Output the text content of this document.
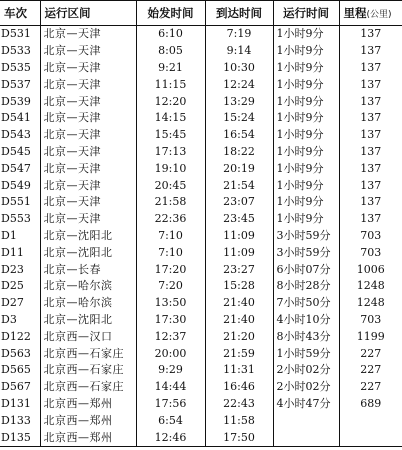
车次	运行区间	始发时间	到达时间	运行时间	里程(公里)
D531	北京—天津	6:10	7:19	1小时9分	137
D533	北京—天津	8:05	9:14	1小时9分	137
D535	北京—天津	9:21	10:30	1小时9分	137
D537	北京—天津	11:15	12:24	1小时9分	137
D539	北京—天津	12:20	13:29	1小时9分	137
D541	北京—天津	14:15	15:24	1小时9分	137
D543	北京—天津	15:45	16:54	1小时9分	137
D545	北京—天津	17:13	18:22	1小时9分	137
D547	北京—天津	19:10	20:19	1小时9分	137
D549	北京—天津	20:45	21:54	1小时9分	137
D551	北京—天津	21:58	23:07	1小时9分	137
D553	北京—天津	22:36	23:45	1小时9分	137
D1	北京—沈阳北	7:10	11:09	3小时59分	703
D11	北京—沈阳北	7:10	11:09	3小时59分	703
D23	北京—长春	17:20	23:27	6小时07分	1006
D25	北京—哈尔滨	7:20	15:28	8小时28分	1248
D27	北京—哈尔滨	13:50	21:40	7小时50分	1248
D3	北京—沈阳北	17:30	21:40	4小时10分	703
D122	北京西—汉口	12:37	21:20	8小时43分	1199
D563	北京西—石家庄	20:00	21:59	1小时59分	227
D565	北京西—石家庄	9:29	11:31	2小时02分	227
D567	北京西—石家庄	14:44	16:46	2小时02分	227
D131	北京西—郑州	17:56	22:43	4小时47分	689
D133	北京西—郑州	6:54	11:58		
D135	北京西—郑州	12:46	17:50		
